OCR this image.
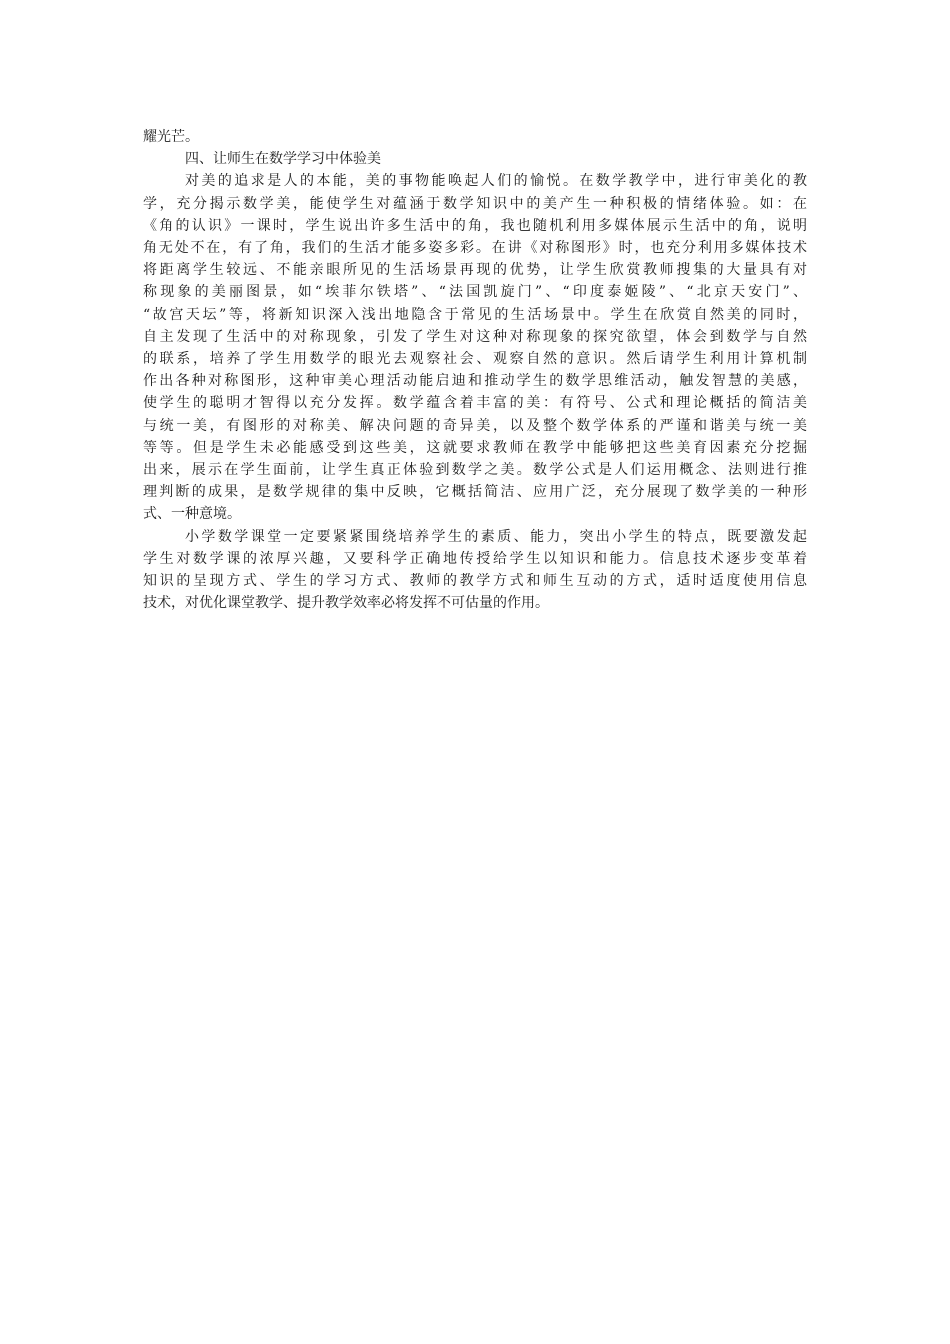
耀光芒。

四、让师生在数学学习中体验美

对美的追求是人的本能，美的事物能唤起人们的愉悦。在数学教学中，进行审美化的教
学，充分揭示数学美，能使学生对蕴涵于数学知识中的美产生一种积极的情绪体验。如：在
《角的认识》一课时，学生说出许多生活中的角，我也随机利用多媒体展示生活中的角，说明
角无处不在，有了角，我们的生活才能多姿多彩。在讲《对称图形》时，也充分利用多媒体技术
将距离学生较远、不能亲眼所见的生活场景再现的优势，让学生欣赏教师搜集的大量具有对
称现象的美丽图景，如“埃菲尔铁塔”、“法国凯旋门”、“印度泰姬陵”、“北京天安门”、
“故宫天坛”等，将新知识深入浅出地隐含于常见的生活场景中。学生在欣赏自然美的同时，
自主发现了生活中的对称现象，引发了学生对这种对称现象的探究欲望，体会到数学与自然
的联系，培养了学生用数学的眼光去观察社会、观察自然的意识。然后请学生利用计算机制
作出各种对称图形，这种审美心理活动能启迪和推动学生的数学思维活动，触发智慧的美感，
使学生的聪明才智得以充分发挥。数学蕴含着丰富的美：有符号、公式和理论概括的简洁美
与统一美，有图形的对称美、解决问题的奇异美，以及整个数学体系的严谨和谐美与统一美
等等。但是学生未必能感受到这些美，这就要求教师在教学中能够把这些美育因素充分挖掘
出来，展示在学生面前，让学生真正体验到数学之美。数学公式是人们运用概念、法则进行推
理判断的成果，是数学规律的集中反映，它概括简洁、应用广泛，充分展现了数学美的一种形
式、一种意境。

小学数学课堂一定要紧紧围绕培养学生的素质、能力，突出小学生的特点，既要激发起
学生对数学课的浓厚兴趣，又要科学正确地传授给学生以知识和能力。信息技术逐步变革着
知识的呈现方式、学生的学习方式、教师的教学方式和师生互动的方式，适时适度使用信息
技术，对优化课堂教学、提升教学效率必将发挥不可估量的作用。
